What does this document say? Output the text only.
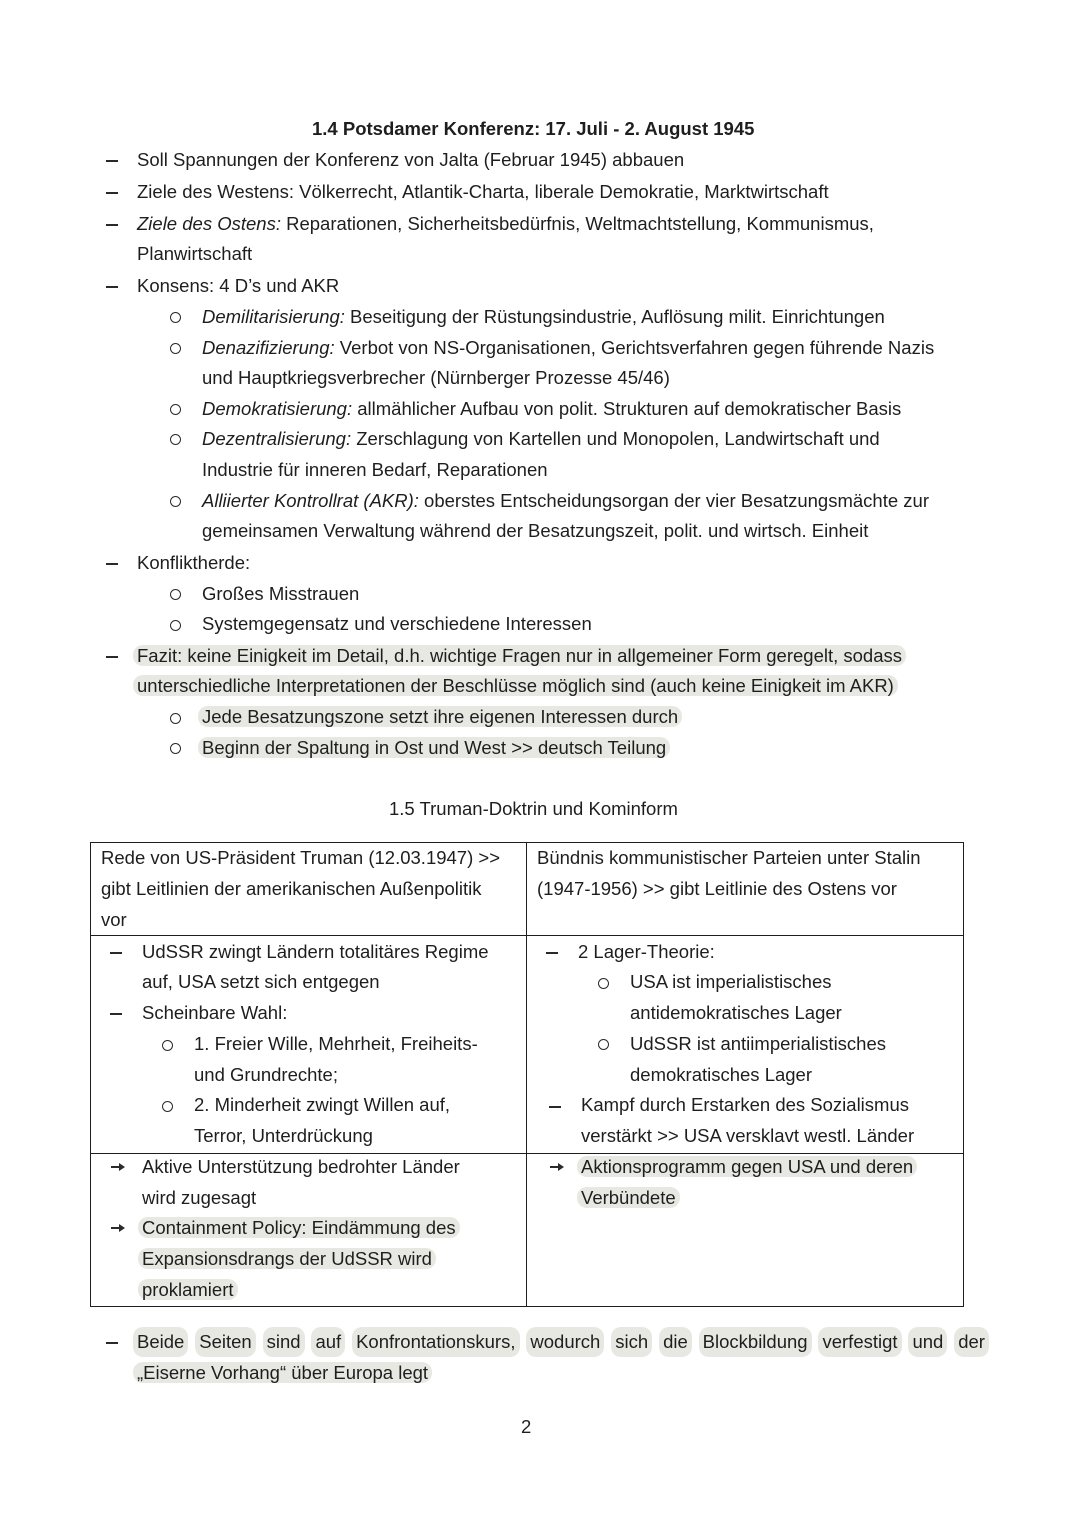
1.4 Potsdamer Konferenz: 17. Juli - 2. August 1945
Soll Spannungen der Konferenz von Jalta (Februar 1945) abbauen
Ziele des Westens: Völkerrecht, Atlantik-Charta, liberale Demokratie, Marktwirtschaft
Ziele des Ostens: Reparationen, Sicherheitsbedürfnis, Weltmachtstellung, Kommunismus,
Planwirtschaft
Konsens: 4 D’s und AKR
Demilitarisierung: Beseitigung der Rüstungsindustrie, Auflösung milit. Einrichtungen
Denazifizierung: Verbot von NS-Organisationen, Gerichtsverfahren gegen führende Nazis
und Hauptkriegsverbrecher (Nürnberger Prozesse 45/46)
Demokratisierung: allmählicher Aufbau von polit. Strukturen auf demokratischer Basis
Dezentralisierung: Zerschlagung von Kartellen und Monopolen, Landwirtschaft und
Industrie für inneren Bedarf, Reparationen
Alliierter Kontrollrat (AKR): oberstes Entscheidungsorgan der vier Besatzungsmächte zur
gemeinsamen Verwaltung während der Besatzungszeit, polit. und wirtsch. Einheit
Konfliktherde:
Großes Misstrauen
Systemgegensatz und verschiedene Interessen
Fazit: keine Einigkeit im Detail, d.h. wichtige Fragen nur in allgemeiner Form geregelt, sodass
unterschiedliche Interpretationen der Beschlüsse möglich sind (auch keine Einigkeit im AKR)
Jede Besatzungszone setzt ihre eigenen Interessen durch
Beginn der Spaltung in Ost und West >> deutsch Teilung
1.5 Truman-Doktrin und Kominform
Rede von US-Präsident Truman (12.03.1947) >>
gibt Leitlinien der amerikanischen Außenpolitik
vor
Bündnis kommunistischer Parteien unter Stalin
(1947-1956) >> gibt Leitlinie des Ostens vor
UdSSR zwingt Ländern totalitäres Regime
auf, USA setzt sich entgegen
Scheinbare Wahl:
1. Freier Wille, Mehrheit, Freiheits-
und Grundrechte;
2. Minderheit zwingt Willen auf,
Terror, Unterdrückung
2 Lager-Theorie:
USA ist imperialistisches
antidemokratisches Lager
UdSSR ist antiimperialistisches
demokratisches Lager
Kampf durch Erstarken des Sozialismus
verstärkt >> USA versklavt westl. Länder
Aktive Unterstützung bedrohter Länder
wird zugesagt
Containment Policy: Eindämmung des
Expansionsdrangs der UdSSR wird
proklamiert
Aktionsprogramm gegen USA und deren
Verbündete
Beide Seiten sind auf Konfrontationskurs, wodurch sich die Blockbildung verfestigt und der
„Eiserne Vorhang“ über Europa legt
2
